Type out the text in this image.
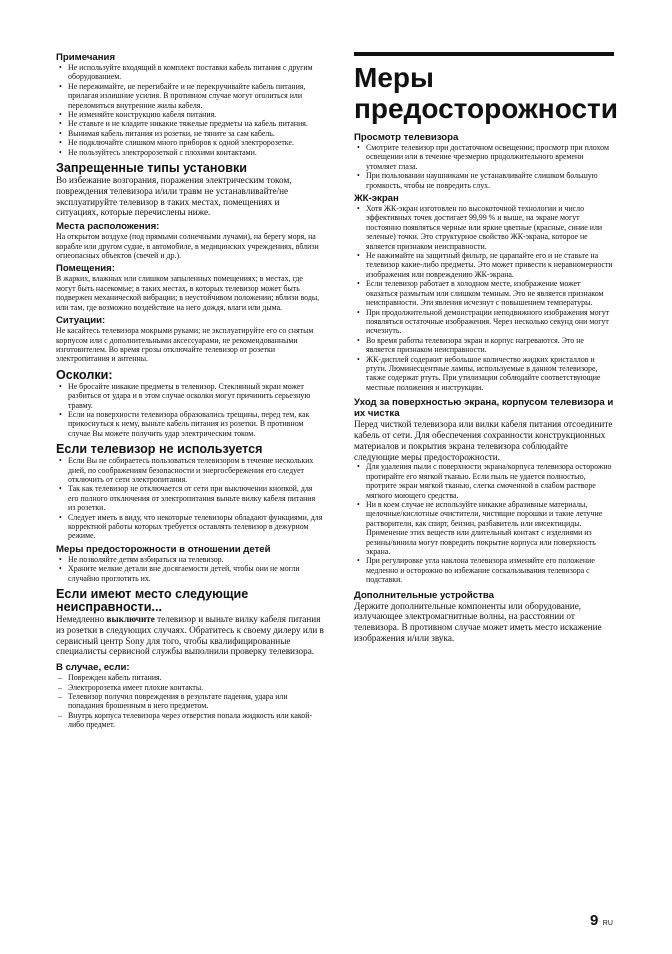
Примечания
• Не используйте входящий в комплект поставки кабель питания с другим оборудованием.
• Не пережимайте, не перегибайте и не перекручивайте кабель питания, прилагая излишние усилия. В противном случае могут оголиться или переломиться внутренние жилы кабеля.
• Не изменяйте конструкцию кабеля питания.
• Не ставьте и не кладите никакие тяжелые предметы на кабель питания.
• Вынимая кабель питания из розетки, не тяните за сам кабель.
• Не подключайте слишком много приборов к одной электророзетке.
• Не пользуйтесь электророзеткой с плохими контактами.
Запрещенные типы установки

Во избежание возгорания, поражения электрическим током, повреждения телевизора и/или травм не устанавливайте/не эксплуатируйте телевизор в таких местах, помещениях и ситуациях, которые перечислены ниже.

Места расположения:

На открытом воздухе (под прямыми солнечными лучами), на берегу моря, на корабле или другом судне, в автомобиле, в медицинских учреждениях, вблизи огнеопасных объектов (свечей и др.).

Помещения:

В жарких, влажных или слишком запыленных помещениях; в местах, где могут быть насекомые; в таких местах, в которых телевизор может быть подвержен механической вибрации; в неустойчивом положении; вблизи воды, или там, где возможно воздействие на него дождя, влаги или дыма.

Ситуации:

Не касайтесь телевизора мокрыми руками; не эксплуатируйте его со снятым корпусом или с дополнительными аксессуарами, не рекомендованными изготовителем. Во время грозы отключайте телевизор от розетки электропитания и антенны.

Осколки:
• Не бросайте никакие предметы в телевизор. Стеклянный экран может разбиться от удара и в этом случае осколки могут причинить серьезную травму.
• Если на поверхности телевизора образовались трещины, перед тем, как прикоснуться к нему, выньте кабель питания из розетки. В противном случае Вы можете получить удар электрическим током.
Если телевизор не используется
• Если Вы не собираетесь пользоваться телевизором в течение нескольких дней, по соображениям безопасности и энергосбережения его следует отключить от сети электропитания.
• Так как телевизор не отключается от сети при выключении кнопкой, для его полного отключения от электропитания выньте вилку кабеля питания из розетки.
• Следует иметь в виду, что некоторые телевизоры обладают функциями, для корректной работы которых требуется оставлять телевизор в дежурном режиме.
Меры предосторожности в отношении детей
• Не позволяйте детям взбираться на телевизор.
• Храните мелкие детали вне досягаемости детей, чтобы они не могли случайно проглотить их.
Если имеют место следующие неисправности...

Немедленно выключите телевизор и выньте вилку кабеля питания из розетки в следующих случаях. Обратитесь к своему дилеру или в сервисный центр Sony для того, чтобы квалифицированные специалисты сервисной службы выполнили проверку телевизора.

В случае, если:
– Поврежден кабель питания.
– Электророзетка имеет плохие контакты.
– Телевизор получил повреждения в результате падения, удара или попадания брошенным в него предметом.
– Внутрь корпуса телевизора через отверстия попала жидкость или какой-либо предмет.
Меры
предосторожности
Просмотр телевизора
• Смотрите телевизор при достаточном освещении; просмотр при плохом освещении или в течение чрезмерно продолжительного времени утомляет глаза.
• При пользовании наушниками не устанавливайте слишком большую громкость, чтобы не повредить слух.
ЖК-экран
• Хотя ЖК-экран изготовлен по высокоточной технологии и число эффективных точек достигает 99,99 % и выше, на экране могут постоянно появляться черные или яркие цветные (красные, синие или зеленые) точки. Это структурное свойство ЖК-экрана, которое не является признаком неисправности.
• Не нажимайте на защитный фильтр, не царапайте его и не ставьте на телевизор какие-либо предметы. Это может привести к неравномерности изображения или повреждению ЖК-экрана.
• Если телевизор работает в холодном месте, изображение может оказаться размытым или слишком темным. Это не является признаком неисправности. Эти явления исчезнут с повышением температуры.
• При продолжительной демонстрации неподвижного изображения могут появляться остаточные изображения. Через несколько секунд они могут исчезнуть.
• Во время работы телевизора экран и корпус нагреваются. Это не является признаком неисправности.
• ЖК-дисплей содержит небольшое количество жидких кристаллов и ртути. Люминесцентные лампы, используемые в данном телевизоре, также содержат ртуть. При утилизации соблюдайте соответствующие местные положения и инструкции.
Уход за поверхностью экрана, корпусом телевизора и их чистка

Перед чисткой телевизора или вилки кабеля питания отсоедините кабель от сети. Для обеспечения сохранности конструкционных материалов и покрытия экрана телевизора соблюдайте следующие меры предосторожности.

• Для удаления пыли с поверхности экрана/корпуса телевизора осторожно протирайте его мягкой тканью. Если пыль не удается полностью, протрите экран мягкой тканью, слегка смоченной в слабом растворе мягкого моющего средства.
• Ни в коем случае не используйте никакие абразивные материалы, щелочные/кислотные очистители, чистящие порошки и такие летучие растворители, как спирт, бензин, разбавитель или инсектициды. Применение этих веществ или длительный контакт с изделиями из резины/винила могут повредить покрытие корпуса или поверхность экрана.
• При регулировке угла наклона телевизора изменяйте его положение медленно и осторожно во избежание соскальзывания телевизора с подставки.
Дополнительные устройства

Держите дополнительные компоненты или оборудование, излучающее электромагнитные волны, на расстоянии от телевизора. В противном случае может иметь место искажение изображения и/или звука.

9 RU
